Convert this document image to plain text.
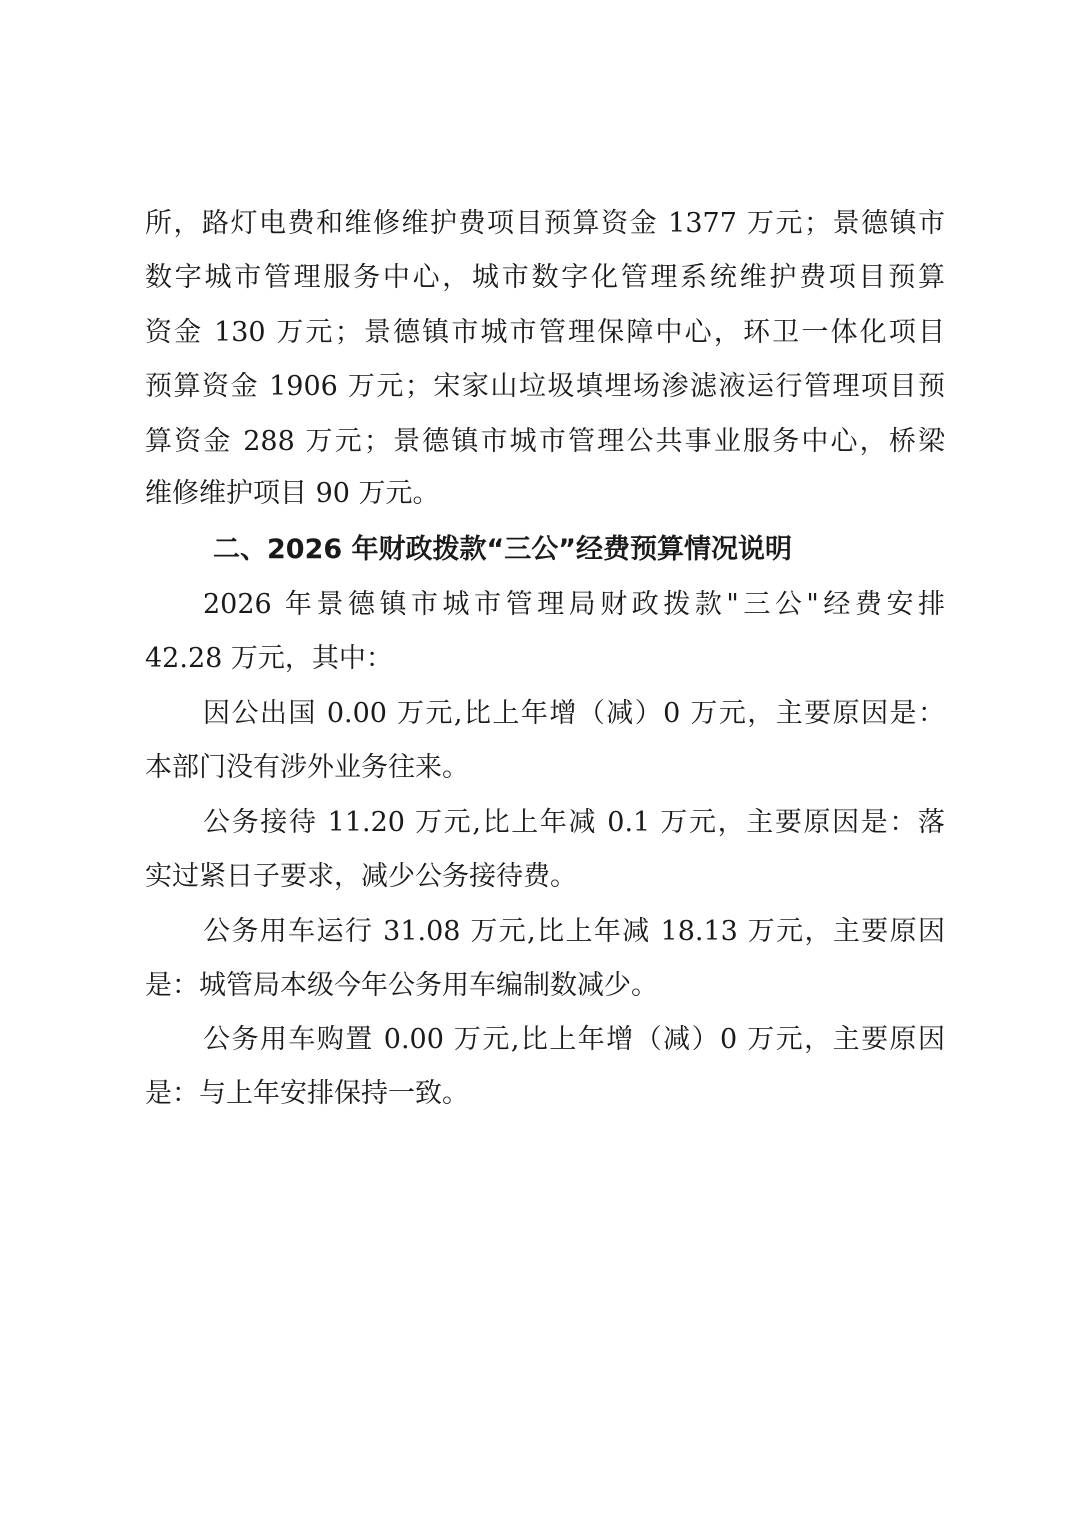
所，路灯电费和维修维护费项目预算资金 1377 万元；景德镇市
数字城市管理服务中心，城市数字化管理系统维护费项目预算
资金 130 万元；景德镇市城市管理保障中心，环卫一体化项目
预算资金 1906 万元；宋家山垃圾填埋场渗滤液运行管理项目预
算资金 288 万元；景德镇市城市管理公共事业服务中心，桥梁
维修维护项目 90 万元。
二、2026 年财政拨款“三公”经费预算情况说明
2026 年景德镇市城市管理局财政拨款"三公"经费安排
42.28 万元，其中：
因公出国 0.00 万元,比上年增（减）0 万元，主要原因是：
本部门没有涉外业务往来。
公务接待 11.20 万元,比上年减 0.1 万元，主要原因是：落
实过紧日子要求，减少公务接待费。
公务用车运行 31.08 万元,比上年减 18.13 万元，主要原因
是：城管局本级今年公务用车编制数减少。
公务用车购置 0.00 万元,比上年增（减）0 万元，主要原因
是：与上年安排保持一致。
